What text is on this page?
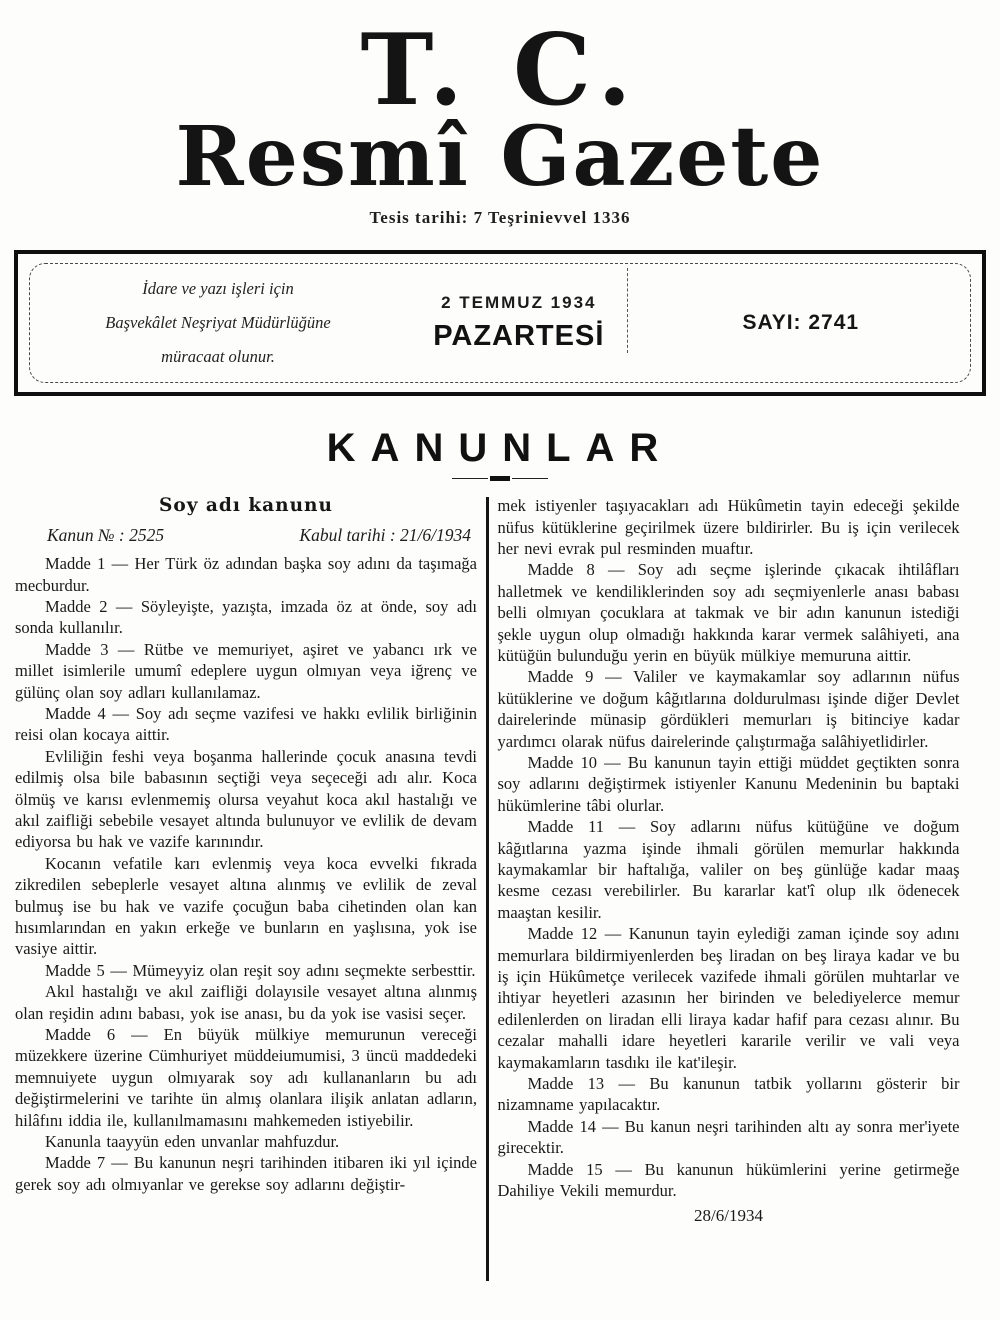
T. C.
Resmî Gazete
Tesis tarihi: 7 Teşrinievvel 1336
İdare ve yazı işleri için
Başvekâlet Neşriyat Müdürlüğüne
müracaat olunur.
2 TEMMUZ 1934
PAZARTESİ	SAYI: 2741
KANUNLAR
Soy adı kanunu
Kanun № : 2525	Kabul tarihi : 21/6/1934

Madde 1 — Her Türk öz adından başka soy adını da taşımağa mecburdur.

Madde 2 — Söyleyişte, yazışta, imzada öz at önde, soy adı sonda kullanılır.

Madde 3 — Rütbe ve memuriyet, aşiret ve yabancı ırk ve millet isimlerile umumî edeplere uygun olmıyan veya iğrenç ve gülünç olan soy adları kullanılamaz.

Madde 4 — Soy adı seçme vazifesi ve hakkı evlilik birliğinin reisi olan kocaya aittir.

Evliliğin feshi veya boşanma hallerinde çocuk anasına tevdi edilmiş olsa bile babasının seçtiği veya seçeceği adı alır. Koca ölmüş ve karısı evlenmemiş olursa veyahut koca akıl hastalığı ve akıl zaifliği sebebile vesayet altında bulunuyor ve evlilik de devam ediyorsa bu hak ve vazife karınındır.

Kocanın vefatile karı evlenmiş veya koca evvelki fıkrada zikredilen sebeplerle vesayet altına alınmış ve evlilik de zeval bulmuş ise bu hak ve vazife çocuğun baba cihetinden olan kan hısımlarından en yakın erkeğe ve bunların en yaşlısına, yok ise vasiye aittir.

Madde 5 — Mümeyyiz olan reşit soy adını seçmekte serbesttir.

Akıl hastalığı ve akıl zaifliği dolayısile vesayet altına alınmış olan reşidin adını babası, yok ise anası, bu da yok ise vasisi seçer.

Madde 6 — En büyük mülkiye memurunun vereceği müzekkere üzerine Cümhuriyet müddeiumumisi, 3 üncü maddedeki memnuiyete uygun olmıyarak soy adı kullananların bu adı değiştirmelerini ve tarihte ün almış olanlara ilişik anlatan adların, hilâfını iddia ile, kullanılmamasını mahkemeden istiyebilir.

Kanunla taayyün eden unvanlar mahfuzdur.

Madde 7 — Bu kanunun neşri tarihinden itibaren iki yıl içinde gerek soy adı olmıyanlar ve gerekse soy adlarını değiştir-

mek istiyenler taşıyacakları adı Hükûmetin tayin edeceği şekilde nüfus kütüklerine geçirilmek üzere bıldirirler. Bu iş için verilecek her nevi evrak pul resminden muaftır.

Madde 8 — Soy adı seçme işlerinde çıkacak ihtilâfları halletmek ve kendiliklerinden soy adı seçmiyenlerle anası babası belli olmıyan çocuklara at takmak ve bir adın kanunun istediği şekle uygun olup olmadığı hakkında karar vermek salâhiyeti, ana kütüğün bulunduğu yerin en büyük mülkiye memuruna aittir.

Madde 9 — Valiler ve kaymakamlar soy adlarının nüfus kütüklerine ve doğum kâğıtlarına doldurulması işinde diğer Devlet dairelerinde münasip gördükleri memurları iş bitinciye kadar yardımcı olarak nüfus dairelerinde çalıştırmağa salâhiyetlidirler.

Madde 10 — Bu kanunun tayin ettiği müddet geçtikten sonra soy adlarını değiştirmek istiyenler Kanunu Medeninin bu baptaki hükümlerine tâbi olurlar.

Madde 11 — Soy adlarını nüfus kütüğüne ve doğum kâğıtlarına yazma işinde ihmali görülen memurlar hakkında kaymakamlar bir haftalığa, valiler on beş günlüğe kadar maaş kesme cezası verebilirler. Bu kararlar kat'î olup ılk ödenecek maaştan kesilir.

Madde 12 — Kanunun tayin eylediği zaman içinde soy adını memurlara bildirmiyenlerden beş liradan on beş liraya kadar ve bu iş için Hükûmetçe verilecek vazifede ihmali görülen muhtarlar ve ihtiyar heyetleri azasının her birinden ve belediyelerce memur edilenlerden on liradan elli liraya kadar hafif para cezası alınır. Bu cezalar mahalli idare heyetleri kararile verilir ve vali veya kaymakamların tasdıkı ile kat'ileşir.

Madde 13 — Bu kanunun tatbik yollarını gösterir bir nizamname yapılacaktır.

Madde 14 — Bu kanun neşri tarihinden altı ay sonra mer'iyete girecektir.

Madde 15 — Bu kanunun hükümlerini yerine getirmeğe Dahiliye Vekili memurdur.

28/6/1934
